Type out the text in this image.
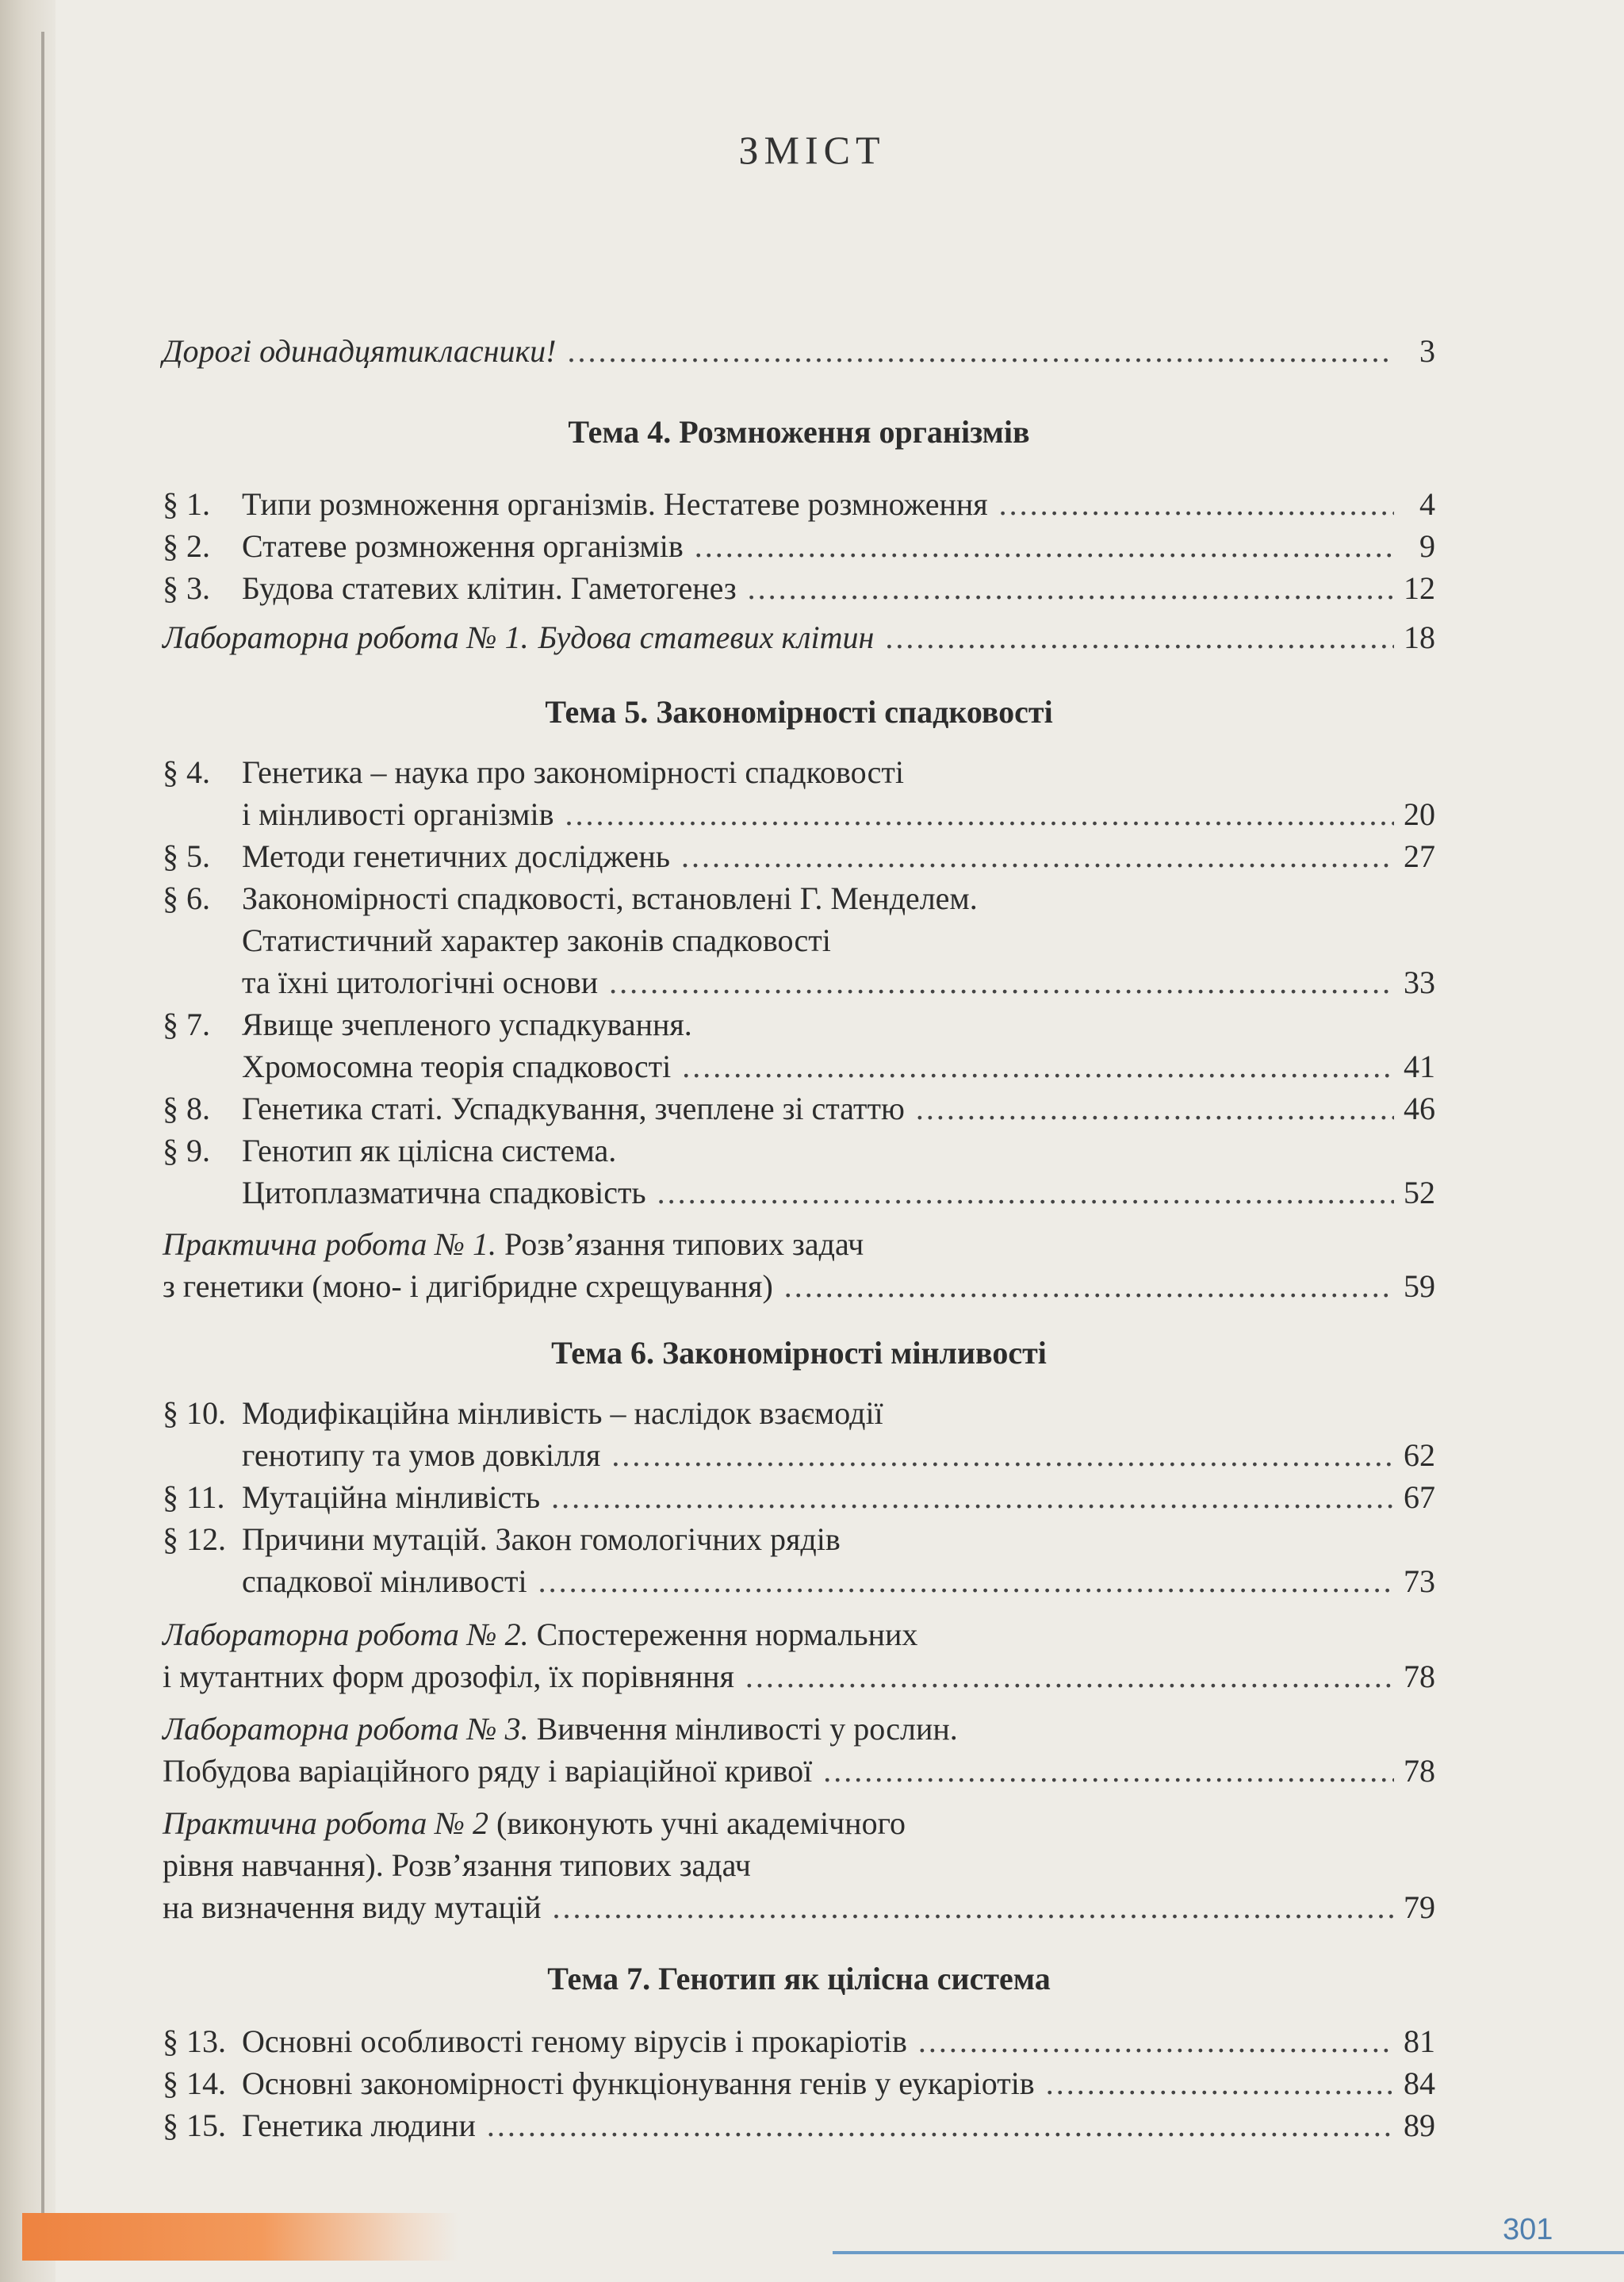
ЗМІСТ
Дорогі одинадцятикласники! .....	3
Тема 4. Розмноження організмів
§ 1.	Типи розмноження організмів. Нестатеве розмноження .....	4
§ 2.	Статеве розмноження організмів .....	9
§ 3.	Будова статевих клітин. Гаметогенез .....	12
Лабораторна робота № 1. Будова статевих клітин .....	18
Тема 5. Закономірності спадковості
§ 4. Генетика – наука про закономірності спадковості
і мінливості організмів .....	20
§ 5.	Методи генетичних досліджень .....	27
§ 6. Закономірності спадковості, встановлені Г. Менделем.
Статистичний характер законів спадковості
та їхні цитологічні основи .....	33
§ 7. Явище зчепленого успадкування.
Хромосомна теорія спадковості .....	41
§ 8.	Генетика статі. Успадкування, зчеплене зі статтю .....	46
§ 9. Генотип як цілісна система.
Цитоплазматична спадковість .....	52
Практична робота № 1. Розв’язання типових задач
з генетики (моно- і дигібридне схрещування) .....	59
Тема 6. Закономірності мінливості
§ 10. Модифікаційна мінливість – наслідок взаємодії
генотипу та умов довкілля .....	62
§ 11. Мутаційна мінливість .....	67
§ 12. Причини мутацій. Закон гомологічних рядів
спадкової мінливості .....	73
Лабораторна робота № 2. Спостереження нормальних
і мутантних форм дрозофіл, їх порівняння .....	78
Лабораторна робота № 3. Вивчення мінливості у рослин.
Побудова варіаційного ряду і варіаційної кривої .....	78
Практична робота № 2 (виконують учні академічного
рівня навчання). Розв’язання типових задач
на визначення виду мутацій .....	79
Тема 7. Генотип як цілісна система
§ 13. Основні особливості геному вірусів і прокаріотів .....	81
§ 14. Основні закономірності функціонування генів у еукаріотів .....	84
§ 15. Генетика людини .....	89
301
